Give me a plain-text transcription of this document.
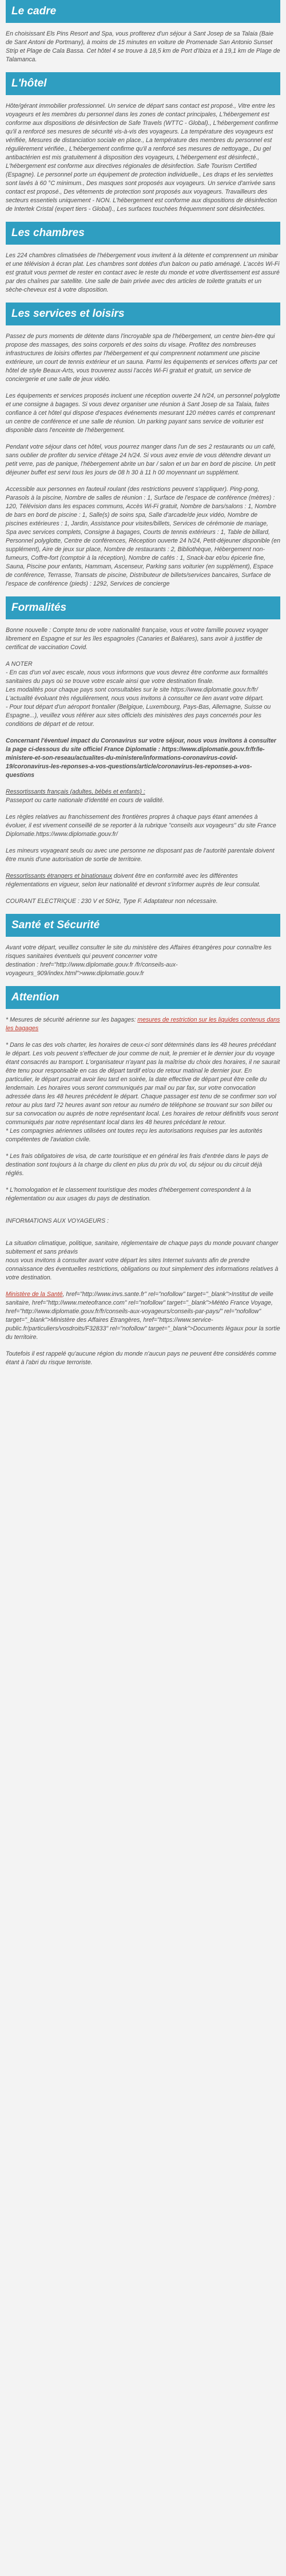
Le cadre

En choisissant Els Pins Resort and Spa, vous profiterez d'un séjour à Sant Josep de sa Talaia (Baie de Sant Antoni de Portmany), à moins de 15 minutes en voiture de Promenade San Antonio Sunset Strip et Plage de Cala Bassa. Cet hôtel 4 se trouve à 18,5 km de Port d'Ibiza et à 19,1 km de Plage de Talamanca.

L'hôtel

Hôte/gérant immobilier professionnel. Un service de départ sans contact est proposé., Vitre entre les voyageurs et les membres du personnel dans les zones de contact principales, L'hébergement est conforme aux dispositions de désinfection de Safe Travels (WTTC - Global)., L'hébergement confirme qu'il a renforcé ses mesures de sécurité vis-à-vis des voyageurs. La température des voyageurs est vérifiée, Mesures de distanciation sociale en place., La température des membres du personnel est régulièrement vérifiée., L'hébergement confirme qu'il a renforcé ses mesures de nettoyage., Du gel antibactérien est mis gratuitement à disposition des voyageurs, L'hébergement est désinfecté., L'hébergement est conforme aux directives régionales de désinfection. Safe Tourism Certified (Espagne). Le personnel porte un équipement de protection individuelle., Les draps et les serviettes sont lavés à 60 °C minimum., Des masques sont proposés aux voyageurs. Un service d'arrivée sans contact est proposé., Des vêtements de protection sont proposés aux voyageurs. Travailleurs des secteurs essentiels uniquement - NON. L'hébergement est conforme aux dispositions de désinfection de Intertek Cristal (expert tiers - Global)., Les surfaces touchées fréquemment sont désinfectées.

Les chambres

Les 224 chambres climatisées de l'hébergement vous invitent à la détente et comprennent un minibar et une télévision à écran plat. Les chambres sont dotées d'un balcon ou patio aménagé. L'accès Wi-Fi est gratuit vous permet de rester en contact avec le reste du monde et votre divertissement est assuré par des chaînes par satellite. Une salle de bain privée avec des articles de toilette gratuits et un sèche-cheveux est à votre disposition.

Les services et loisirs

Passez de purs moments de détente dans l'incroyable spa de l'hébergement, un centre bien-être qui propose des massages, des soins corporels et des soins du visage. Profitez des nombreuses infrastructures de loisirs offertes par l'hébergement et qui comprennent notamment une piscine extérieure, un court de tennis extérieur et un sauna. Parmi les équipements et services offerts par cet hôtel de style Beaux-Arts, vous trouverez aussi l'accès Wi-Fi gratuit et gratuit, un service de conciergerie et une salle de jeux vidéo.

Les équipements et services proposés incluent une réception ouverte 24 h/24, un personnel polyglotte et une consigne à bagages. Si vous devez organiser une réunion à Sant Josep de sa Talaia, faites confiance à cet hôtel qui dispose d'espaces événements mesurant 120 mètres carrés et comprenant un centre de conférence et une salle de réunion. Un parking payant sans service de voiturier est disponible dans l'enceinte de l'hébergement.

Pendant votre séjour dans cet hôtel, vous pourrez manger dans l'un de ses 2 restaurants ou un café, sans oublier de profiter du service d'étage 24 h/24. Si vous avez envie de vous détendre devant un petit verre, pas de panique, l'hébergement abrite un bar / salon et un bar en bord de piscine. Un petit déjeuner buffet est servi tous les jours de 08 h 30 à 11 h 00 moyennant un supplément.

Accessible aux personnes en fauteuil roulant (des restrictions peuvent s'appliquer). Ping-pong, Parasols à la piscine, Nombre de salles de réunion : 1, Surface de l'espace de conférence (mètres) : 120, Télévision dans les espaces communs, Accès Wi-Fi gratuit, Nombre de bars/salons : 1, Nombre de bars en bord de piscine : 1, Salle(s) de soins spa, Salle d'arcade/de jeux vidéo, Nombre de piscines extérieures : 1, Jardin, Assistance pour visites/billets, Services de cérémonie de mariage, Spa avec services complets, Consigne à bagages, Courts de tennis extérieurs : 1, Table de billard, Personnel polyglotte, Centre de conférences, Réception ouverte 24 h/24, Petit-déjeuner disponible (en supplément), Aire de jeux sur place, Nombre de restaurants : 2, Bibliothèque, Hébergement non-fumeurs, Coffre-fort (comptoir à la réception), Nombre de cafés : 1, Snack-bar et/ou épicerie fine, Sauna, Piscine pour enfants, Hammam, Ascenseur, Parking sans voiturier (en supplément), Espace de conférence, Terrasse, Transats de piscine, Distributeur de billets/services bancaires, Surface de l'espace de conférence (pieds) : 1292, Services de concierge

Formalités

Bonne nouvelle : Compte tenu de votre nationalité française, vous et votre famille pouvez voyager librement en Espagne et sur les îles espagnoles (Canaries et Baléares), sans avoir à justifier de certificat de vaccination Covid.

A NOTER
- En cas d'un vol avec escale, nous vous informons que vous devrez être conforme aux formalités sanitaires du pays où se trouve votre escale ainsi que votre destination finale.
Les modalités pour chaque pays sont consultables sur le site https://www.diplomatie.gouv.fr/fr/ L'actualité évoluant très régulièrement, nous vous invitons à consulter ce lien avant votre départ.
- Pour tout départ d'un aéroport frontalier (Belgique, Luxembourg, Pays-Bas, Allemagne, Suisse ou Espagne...), veuillez vous référer aux sites officiels des ministères des pays concernés pour les conditions de départ et de retour.

Concernant l'éventuel impact du Coronavirus sur votre séjour, nous vous invitons à consulter la page ci-dessous du site officiel France Diplomatie : https://www.diplomatie.gouv.fr/fr/le-ministere-et-son-reseau/actualites-du-ministere/informations-coronavirus-covid-19/coronavirus-les-reponses-a-vos-questions/article/coronavirus-les-reponses-a-vos-questions

Ressortissants français (adultes, bébés et enfants) :
Passeport ou carte nationale d'identité en cours de validité.

Les règles relatives au franchissement des frontières propres à chaque pays étant amenées à évoluer, il est vivement conseillé de se reporter à la rubrique "conseils aux voyageurs" du site France Diplomatie.https://www.diplomatie.gouv.fr/

Les mineurs voyageant seuls ou avec une personne ne disposant pas de l'autorité parentale doivent être munis d'une autorisation de sortie de territoire.

Ressortissants étrangers et binationaux doivent être en conformité avec les différentes réglementations en vigueur, selon leur nationalité et devront s'informer auprès de leur consulat.

COURANT ELECTRIQUE : 230 V et 50Hz, Type F. Adaptateur non nécessaire.

Santé et Sécurité

Avant votre départ, veuillez consulter le site du ministère des Affaires étrangères pour connaître les risques sanitaires éventuels qui peuvent concerner votre
destination : href="http://www.diplomatie.gouv.fr /fr/conseils-aux-voyageurs_909/index.html">www.diplomatie.gouv.fr

Attention

* Mesures de sécurité aérienne sur les bagages: mesures de restriction sur les liquides contenus dans les bagages

* Dans le cas des vols charter, les horaires de ceux-ci sont déterminés dans les 48 heures précédant le départ. Les vols peuvent s'effectuer de jour comme de nuit, le premier et le dernier jour du voyage étant consacrés au transport. L'organisateur n'ayant pas la maîtrise du choix des horaires, il ne saurait être tenu pour responsable en cas de départ tardif et/ou de retour matinal le dernier jour. En particulier, le départ pourrait avoir lieu tard en soirée, la date effective de départ peut être celle du lendemain. Les horaires vous seront communiqués par mail ou par fax, sur votre convocation adressée dans les 48 heures précédent le départ. Chaque passager est tenu de se confirmer son vol retour au plus tard 72 heures avant son retour au numéro de téléphone se trouvant sur son billet ou sur sa convocation ou auprès de notre représentant local. Les horaires de retour définitifs vous seront communiqués par notre représentant local dans les 48 heures précédant le retour.
* Les compagnies aériennes utilisées ont toutes reçu les autorisations requises par les autorités compétentes de l'aviation civile.

* Les frais obligatoires de visa, de carte touristique et en général les frais d'entrée dans le pays de destination sont toujours à la charge du client en plus du prix du vol, du séjour ou du circuit déjà réglés.

* L'homologation et le classement touristique des modes d'hébergement correspondent à la réglementation ou aux usages du pays de destination.

INFORMATIONS AUX VOYAGEURS :

La situation climatique, politique, sanitaire, réglementaire de chaque pays du monde pouvant changer subitement et sans préavis
nous vous invitons à consulter avant votre départ les sites Internet suivants afin de prendre connaissance des éventuelles restrictions, obligations ou tout simplement des informations relatives à votre destination.

Ministère de la Santé, href="http://www.invs.sante.fr" rel="nofollow" target="_blank">Institut de veille sanitaire, href="http://www.meteofrance.com" rel="nofollow" target="_blank">Météo France Voyage, href="http://www.diplomatie.gouv.fr/fr/conseils-aux-voyageurs/conseils-par-pays/" rel="nofollow" target="_blank">Ministère des Affaires Etrangères, href="https://www.service-public.fr/particuliers/vosdroits/F32833" rel="nofollow" target="_blank">Documents légaux pour la sortie du territoire.

Toutefois il est rappelé qu'aucune région du monde n'aucun pays ne peuvent être considérés comme étant à l'abri du risque terroriste.
